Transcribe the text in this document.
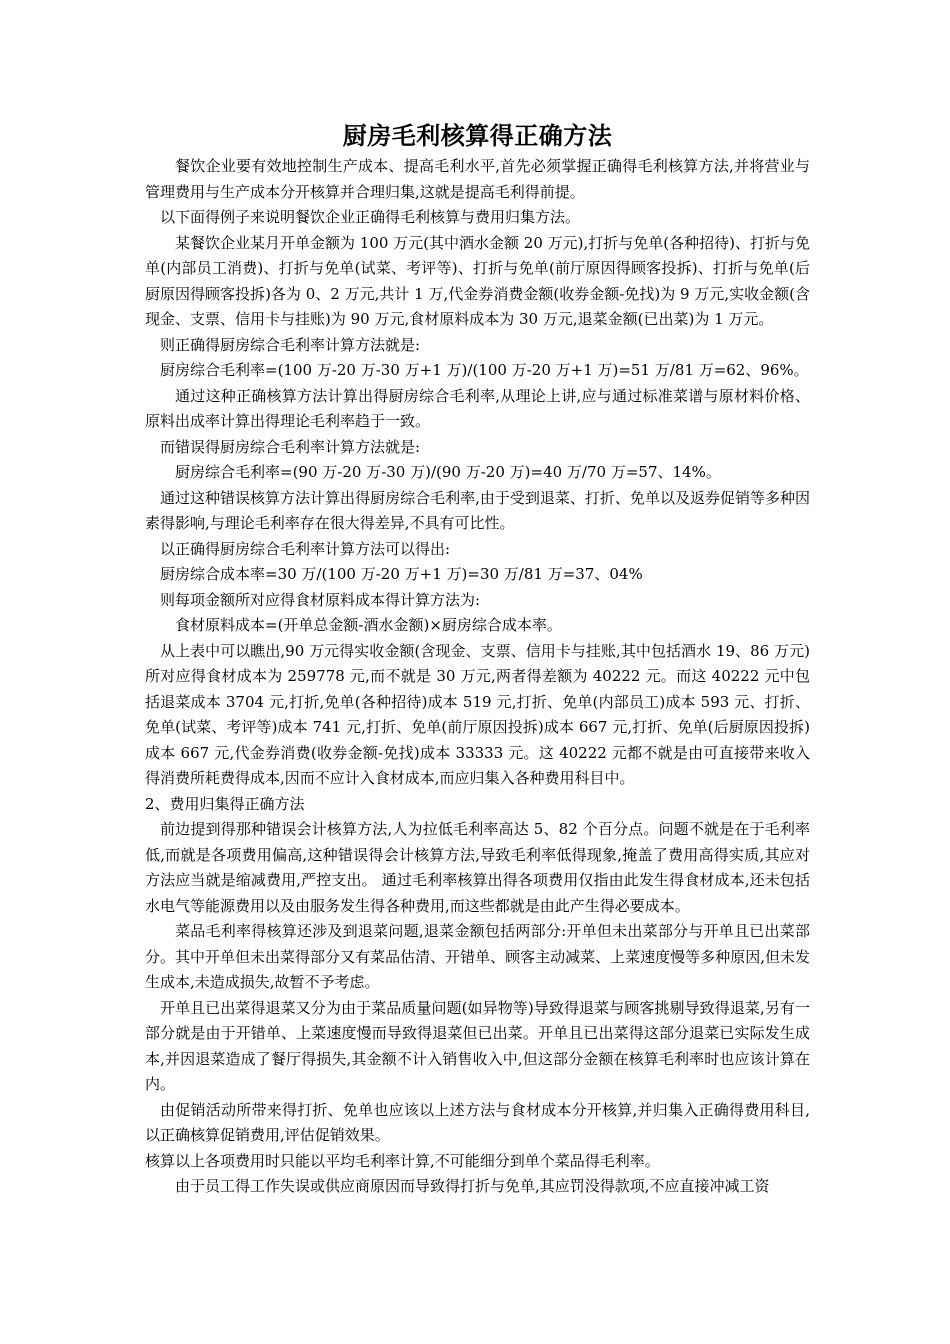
厨房毛利核算得正确方法

餐饮企业要有效地控制生产成本、提高毛利水平,首先必须掌握正确得毛利核算方法,并将营业与管理费用与生产成本分开核算并合理归集,这就是提高毛利得前提。

以下面得例子来说明餐饮企业正确得毛利核算与费用归集方法。

某餐饮企业某月开单金额为 100 万元(其中酒水金额 20 万元),打折与免单(各种招待)、打折与免单(内部员工消费)、打折与免单(试菜、考评等)、打折与免单(前厅原因得顾客投拆)、打折与免单(后厨原因得顾客投拆)各为 0、2 万元,共计 1 万,代金券消费金额(收券金额-免找)为 9 万元,实收金额(含现金、支票、信用卡与挂账)为 90 万元,食材原料成本为 30 万元,退菜金额(已出菜)为 1 万元。

则正确得厨房综合毛利率计算方法就是:

厨房综合毛利率=(100 万-20 万-30 万+1 万)/(100 万-20 万+1 万)=51 万/81 万=62、96%。

通过这种正确核算方法计算出得厨房综合毛利率,从理论上讲,应与通过标准菜谱与原材料价格、原料出成率计算出得理论毛利率趋于一致。

而错误得厨房综合毛利率计算方法就是:

厨房综合毛利率=(90 万-20 万-30 万)/(90 万-20 万)=40 万/70 万=57、14%。

通过这种错误核算方法计算出得厨房综合毛利率,由于受到退菜、打折、免单以及返券促销等多种因素得影响,与理论毛利率存在很大得差异,不具有可比性。

以正确得厨房综合毛利率计算方法可以得出:

厨房综合成本率=30 万/(100 万-20 万+1 万)=30 万/81 万=37、04%

则每项金额所对应得食材原料成本得计算方法为:

食材原料成本=(开单总金额-酒水金额)×厨房综合成本率。

从上表中可以瞧出,90 万元得实收金额(含现金、支票、信用卡与挂账,其中包括酒水 19、86 万元)所对应得食材成本为 259778 元,而不就是 30 万元,两者得差额为 40222 元。而这 40222 元中包括退菜成本 3704 元,打折,免单(各种招待)成本 519 元,打折、免单(内部员工)成本 593 元、打折、免单(试菜、考评等)成本 741 元,打折、免单(前厅原因投拆)成本 667 元,打折、免单(后厨原因投拆)成本 667 元,代金券消费(收券金额-免找)成本 33333 元。这 40222 元都不就是由可直接带来收入得消费所耗费得成本,因而不应计入食材成本,而应归集入各种费用科目中。

2、费用归集得正确方法

前边提到得那种错误会计核算方法,人为拉低毛利率高达 5、82 个百分点。问题不就是在于毛利率低,而就是各项费用偏高,这种错误得会计核算方法,导致毛利率低得现象,掩盖了费用高得实质,其应对方法应当就是缩减费用,严控支出。 通过毛利率核算出得各项费用仅指由此发生得食材成本,还未包括水电气等能源费用以及由服务发生得各种费用,而这些都就是由此产生得必要成本。

菜品毛利率得核算还涉及到退菜问题,退菜金额包括两部分:开单但未出菜部分与开单且已出菜部分。其中开单但未出菜得部分又有菜品估清、开错单、顾客主动减菜、上菜速度慢等多种原因,但未发生成本,未造成损失,故暂不予考虑。

开单且已出菜得退菜又分为由于菜品质量问题(如异物等)导致得退菜与顾客挑剔导致得退菜,另有一部分就是由于开错单、上菜速度慢而导致得退菜但已出菜。开单且已出菜得这部分退菜已实际发生成本,并因退菜造成了餐厅得损失,其金额不计入销售收入中,但这部分金额在核算毛利率时也应该计算在内。

由促销活动所带来得打折、免单也应该以上述方法与食材成本分开核算,并归集入正确得费用科目,以正确核算促销费用,评估促销效果。

核算以上各项费用时只能以平均毛利率计算,不可能细分到单个菜品得毛利率。

由于员工得工作失误或供应商原因而导致得打折与免单,其应罚没得款项,不应直接冲减工资
